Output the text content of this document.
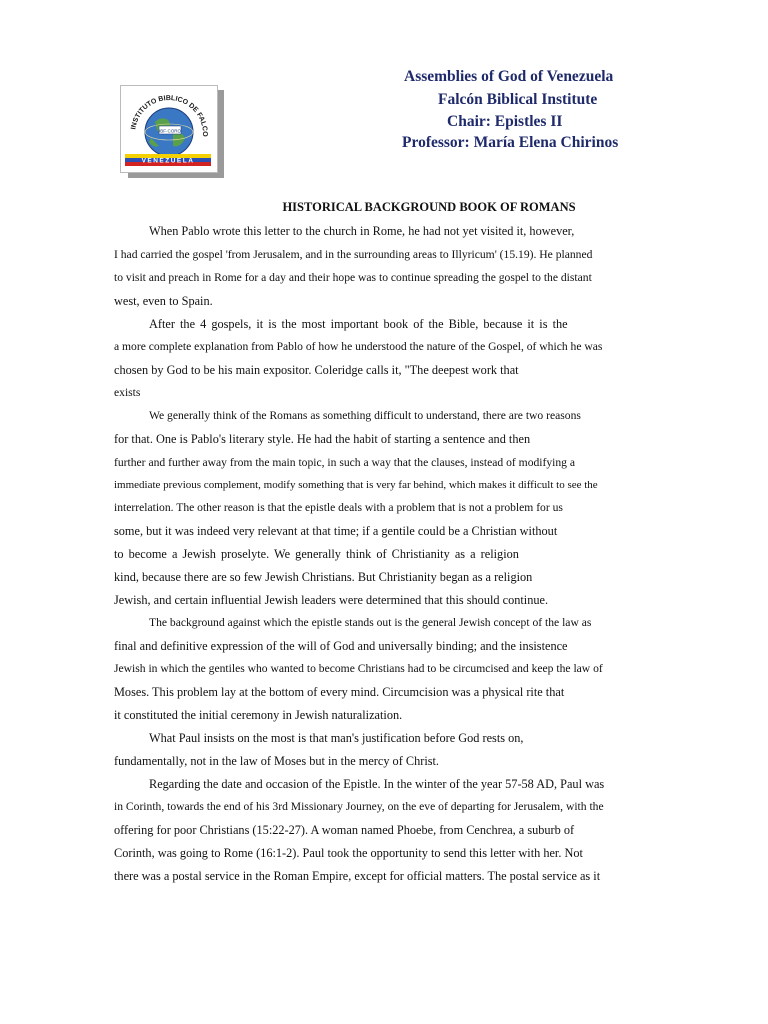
INSTITUTO BIBLICO DE FALCO
IBF·CORO
VENEZUELA
Assemblies of God of Venezuela
Falcón Biblical Institute
Chair: Epistles II
Professor: María Elena Chirinos
HISTORICAL BACKGROUND BOOK OF ROMANS
When Pablo wrote this letter to the church in Rome, he had not yet visited it, however,
I had carried the gospel 'from Jerusalem, and in the surrounding areas to Illyricum' (15.19). He planned
to visit and preach in Rome for a day and their hope was to continue spreading the gospel to the distant
west, even to Spain.
After the 4 gospels, it is the most important book of the Bible, because it is the
a more complete explanation from Pablo of how he understood the nature of the Gospel, of which he was
chosen by God to be his main expositor. Coleridge calls it, "The deepest work that
exists
We generally think of the Romans as something difficult to understand, there are two reasons
for that. One is Pablo's literary style. He had the habit of starting a sentence and then
further and further away from the main topic, in such a way that the clauses, instead of modifying a
immediate previous complement, modify something that is very far behind, which makes it difficult to see the
interrelation. The other reason is that the epistle deals with a problem that is not a problem for us
some, but it was indeed very relevant at that time; if a gentile could be a Christian without
to become a Jewish proselyte. We generally think of Christianity as a religion
kind, because there are so few Jewish Christians. But Christianity began as a religion
Jewish, and certain influential Jewish leaders were determined that this should continue.
The background against which the epistle stands out is the general Jewish concept of the law as
final and definitive expression of the will of God and universally binding; and the insistence
Jewish in which the gentiles who wanted to become Christians had to be circumcised and keep the law of
Moses. This problem lay at the bottom of every mind. Circumcision was a physical rite that
it constituted the initial ceremony in Jewish naturalization.
What Paul insists on the most is that man's justification before God rests on,
fundamentally, not in the law of Moses but in the mercy of Christ.
Regarding the date and occasion of the Epistle. In the winter of the year 57-58 AD, Paul was
in Corinth, towards the end of his 3rd Missionary Journey, on the eve of departing for Jerusalem, with the
offering for poor Christians (15:22-27). A woman named Phoebe, from Cenchrea, a suburb of
Corinth, was going to Rome (16:1-2). Paul took the opportunity to send this letter with her. Not
there was a postal service in the Roman Empire, except for official matters. The postal service as it
